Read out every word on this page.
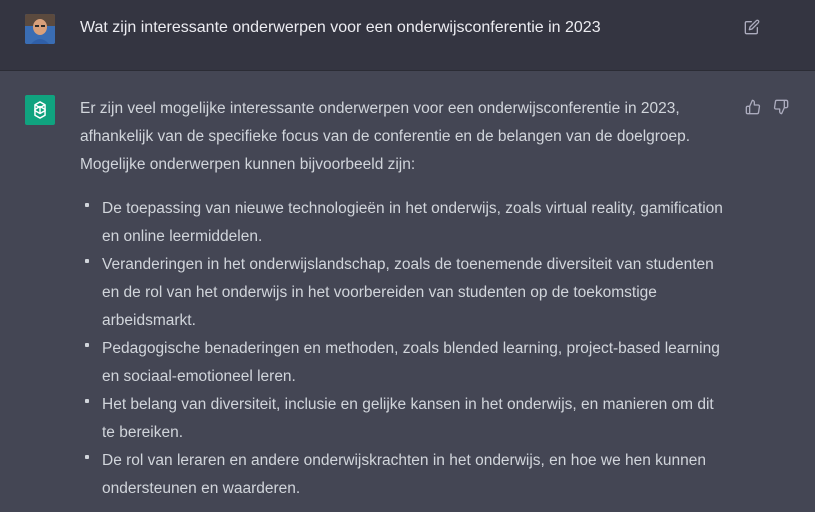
Wat zijn interessante onderwerpen voor een onderwijsconferentie in 2023

Er zijn veel mogelijke interessante onderwerpen voor een onderwijsconferentie in 2023, afhankelijk van de specifieke focus van de conferentie en de belangen van de doelgroep. Mogelijke onderwerpen kunnen bijvoorbeeld zijn:

De toepassing van nieuwe technologieën in het onderwijs, zoals virtual reality, gamification en online leermiddelen.
Veranderingen in het onderwijslandschap, zoals de toenemende diversiteit van studenten en de rol van het onderwijs in het voorbereiden van studenten op de toekomstige arbeidsmarkt.
Pedagogische benaderingen en methoden, zoals blended learning, project-based learning en sociaal-emotioneel leren.
Het belang van diversiteit, inclusie en gelijke kansen in het onderwijs, en manieren om dit te bereiken.
De rol van leraren en andere onderwijskrachten in het onderwijs, en hoe we hen kunnen ondersteunen en waarderen.
